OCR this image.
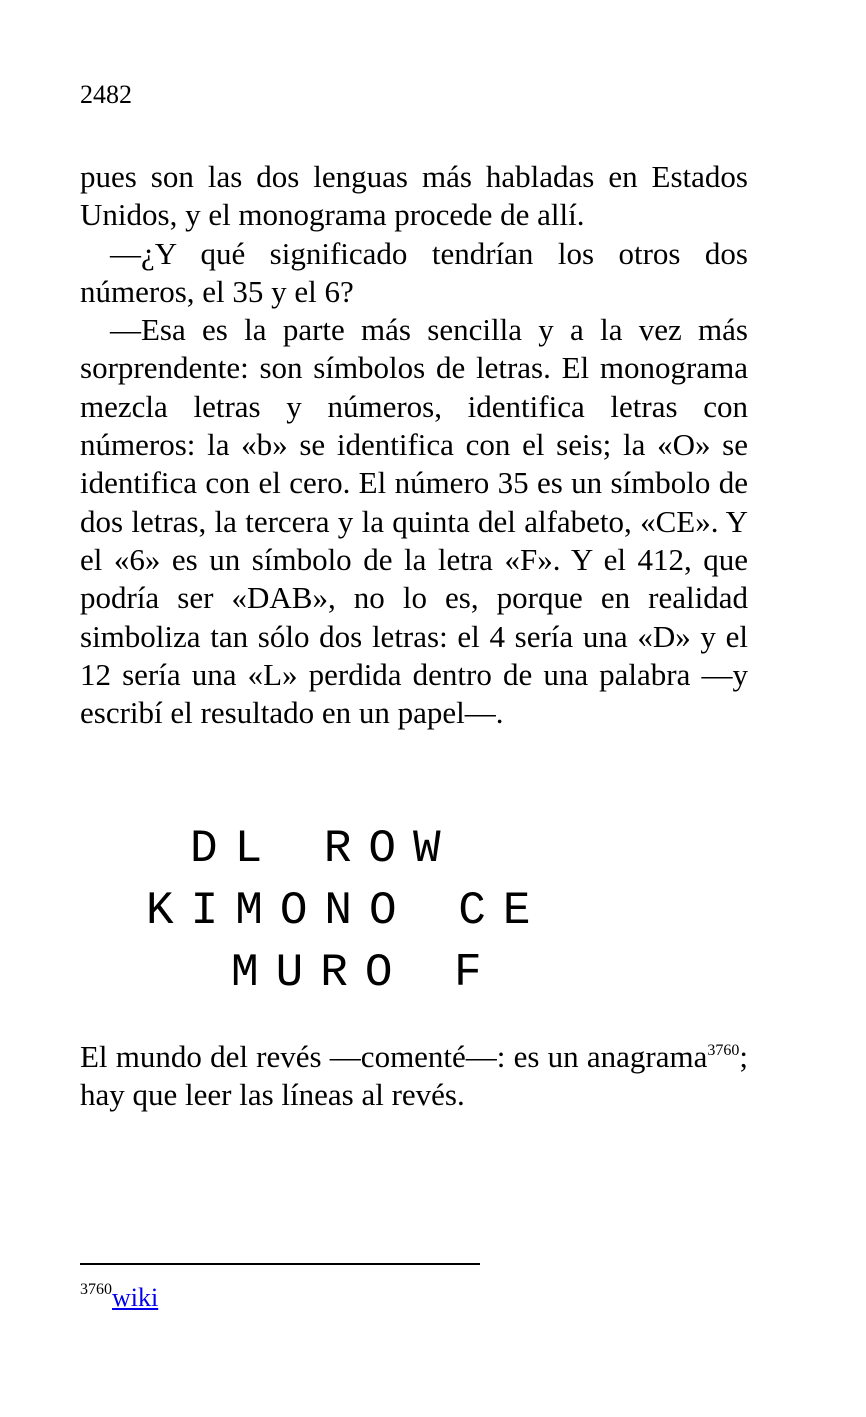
2482

pues son las dos lenguas más habladas en Estados Unidos, y el monograma procede de allí.

—¿Y qué significado tendrían los otros dos números, el 35 y el 6?

—Esa es la parte más sencilla y a la vez más sorprendente: son símbolos de letras. El monograma mezcla letras y números, identifica letras con números: la «b» se identifica con el seis; la «O» se identifica con el cero. El número 35 es un símbolo de dos letras, la tercera y la quinta del alfabeto, «CE». Y el «6» es un símbolo de la letra «F». Y el 412, que podría ser «DAB», no lo es, porque en realidad simboliza tan sólo dos letras: el 4 sería una «D» y el 12 sería una «L» perdida dentro de una palabra —y escribí el resultado en un papel—.

DL ROW

KIMONO CE

MURO F

El mundo del revés —comenté—: es un anagrama$^{3760}$; hay que leer las líneas al revés.

$^{3760}$wiki
